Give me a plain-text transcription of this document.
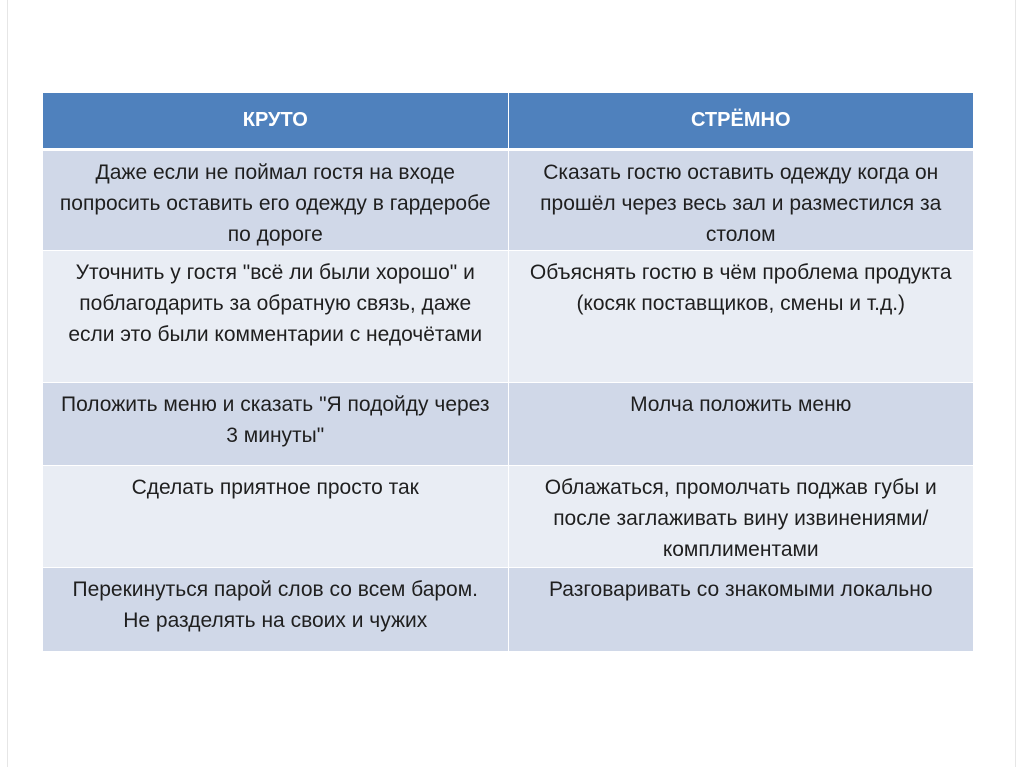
КРУТО	СТРЁМНО
Даже если не поймал гостя на входе попросить оставить его одежду в гардеробе по дороге	Сказать гостю оставить одежду когда он прошёл через весь зал и разместился за столом
Уточнить у гостя "всё ли были хорошо" и поблагодарить за обратную связь, даже если это были комментарии с недочётами	Объяснять гостю в чём проблема продукта (косяк поставщиков, смены и т.д.)
Положить меню и сказать "Я подойду через 3 минуты"	Молча положить меню
Сделать приятное просто так	Облажаться, промолчать поджав губы и после заглаживать вину извинениями/комплиментами
Перекинуться парой слов со всем баром. Не разделять на своих и чужих	Разговаривать со знакомыми локально
